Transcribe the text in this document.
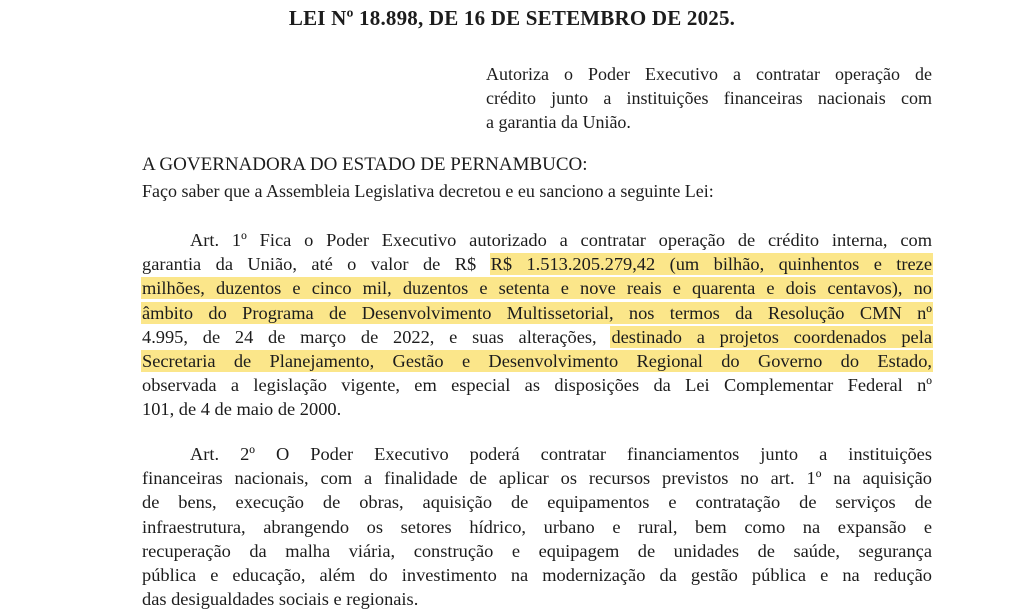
LEI Nº 18.898, DE 16 DE SETEMBRO DE 2025.
Autoriza o Poder Executivo a contratar operação de
crédito junto a instituições financeiras nacionais com
a garantia da União.
A GOVERNADORA DO ESTADO DE PERNAMBUCO:
Faço saber que a Assembleia Legislativa decretou e eu sanciono a seguinte Lei:
Art. 1º Fica o Poder Executivo autorizado a contratar operação de crédito interna, com
garantia da União, até o valor de R$ R$ 1.513.205.279,42 (um bilhão, quinhentos e treze
milhões, duzentos e cinco mil, duzentos e setenta e nove reais e quarenta e dois centavos), no
âmbito do Programa de Desenvolvimento Multissetorial, nos termos da Resolução CMN nº
4.995, de 24 de março de 2022, e suas alterações, destinado a projetos coordenados pela
Secretaria de Planejamento, Gestão e Desenvolvimento Regional do Governo do Estado,
observada a legislação vigente, em especial as disposições da Lei Complementar Federal nº
101, de 4 de maio de 2000.
Art. 2º O Poder Executivo poderá contratar financiamentos junto a instituições
financeiras nacionais, com a finalidade de aplicar os recursos previstos no art. 1º na aquisição
de bens, execução de obras, aquisição de equipamentos e contratação de serviços de
infraestrutura, abrangendo os setores hídrico, urbano e rural, bem como na expansão e
recuperação da malha viária, construção e equipagem de unidades de saúde, segurança
pública e educação, além do investimento na modernização da gestão pública e na redução
das desigualdades sociais e regionais.
